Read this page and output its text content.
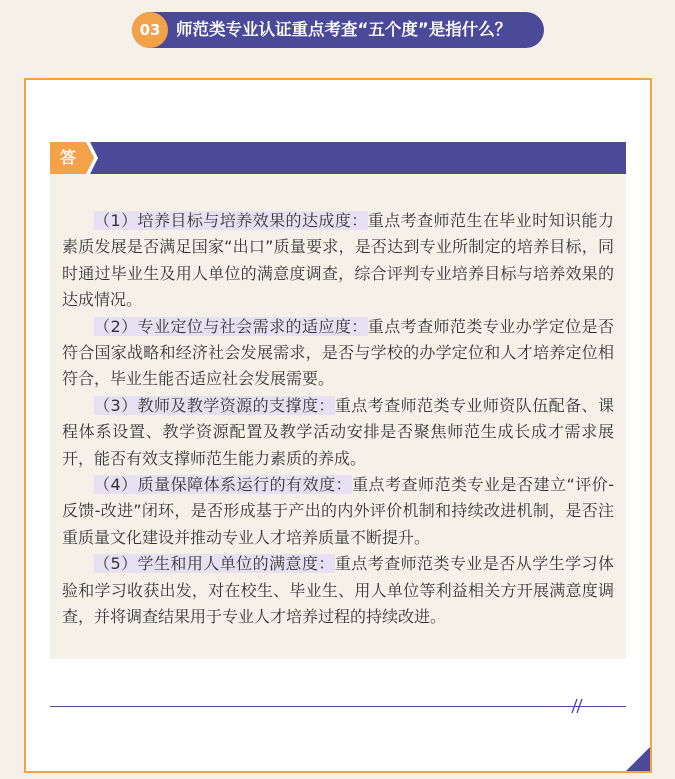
03 师范类专业认证重点考查“五个度”是指什么？
答

（1）培养目标与培养效果的达成度：重点考查师范生在毕业时知识能力素质发展是否满足国家“出口”质量要求，是否达到专业所制定的培养目标，同时通过毕业生及用人单位的满意度调查，综合评判专业培养目标与培养效果的达成情况。

（2）专业定位与社会需求的适应度：重点考查师范类专业办学定位是否符合国家战略和经济社会发展需求，是否与学校的办学定位和人才培养定位相符合，毕业生能否适应社会发展需要。

（3）教师及教学资源的支撑度：重点考查师范类专业师资队伍配备、课程体系设置、教学资源配置及教学活动安排是否聚焦师范生成长成才需求展开，能否有效支撑师范生能力素质的养成。

（4）质量保障体系运行的有效度：重点考查师范类专业是否建立“评价-反馈-改进”闭环，是否形成基于产出的内外评价机制和持续改进机制，是否注重质量文化建设并推动专业人才培养质量不断提升。

（5）学生和用人单位的满意度：重点考查师范类专业是否从学生学习体验和学习收获出发，对在校生、毕业生、用人单位等利益相关方开展满意度调查，并将调查结果用于专业人才培养过程的持续改进。
